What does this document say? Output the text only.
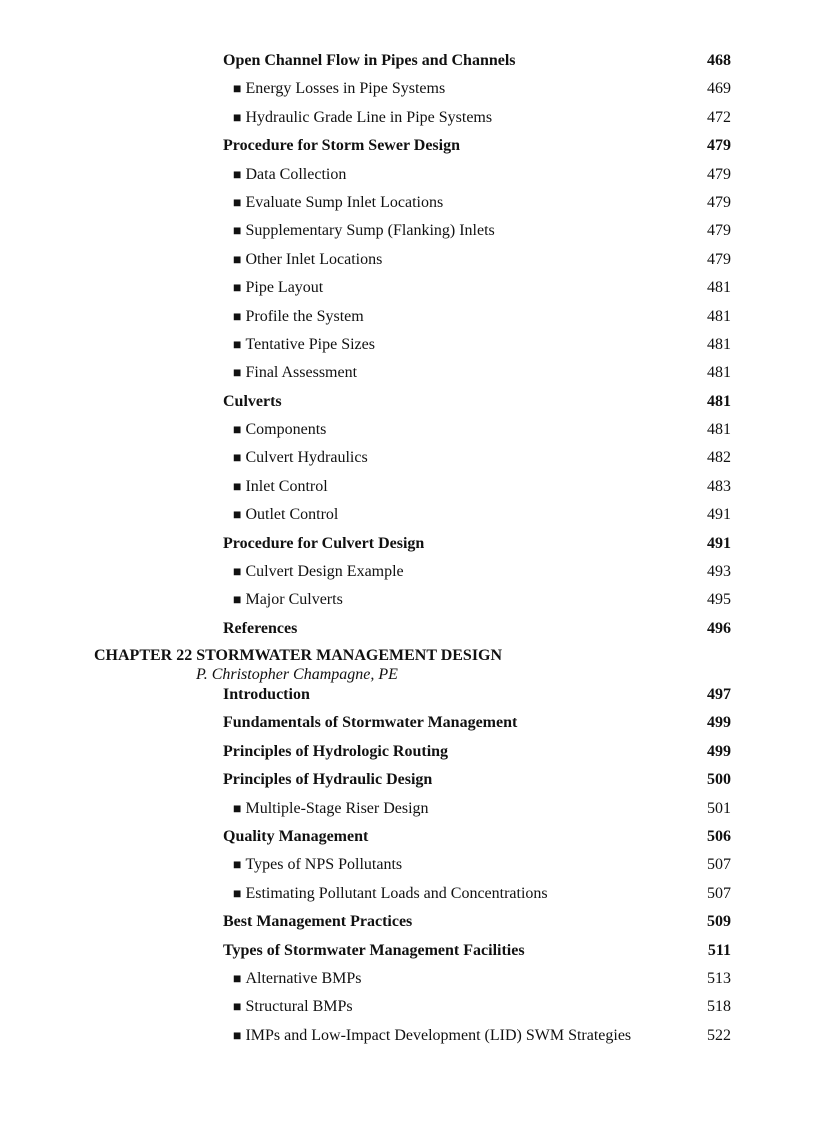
Open Channel Flow in Pipes and Channels	468
■ Energy Losses in Pipe Systems	469
■ Hydraulic Grade Line in Pipe Systems	472
Procedure for Storm Sewer Design	479
■ Data Collection	479
■ Evaluate Sump Inlet Locations	479
■ Supplementary Sump (Flanking) Inlets	479
■ Other Inlet Locations	479
■ Pipe Layout	481
■ Profile the System	481
■ Tentative Pipe Sizes	481
■ Final Assessment	481
Culverts	481
■ Components	481
■ Culvert Hydraulics	482
■ Inlet Control	483
■ Outlet Control	491
Procedure for Culvert Design	491
■ Culvert Design Example	493
■ Major Culverts	495
References	496
CHAPTER 22 STORMWATER MANAGEMENT DESIGN
P. Christopher Champagne, PE
Introduction	497
Fundamentals of Stormwater Management	499
Principles of Hydrologic Routing	499
Principles of Hydraulic Design	500
■ Multiple-Stage Riser Design	501
Quality Management	506
■ Types of NPS Pollutants	507
■ Estimating Pollutant Loads and Concentrations	507
Best Management Practices	509
Types of Stormwater Management Facilities	511
■ Alternative BMPs	513
■ Structural BMPs	518
■ IMPs and Low-Impact Development (LID) SWM Strategies	522
